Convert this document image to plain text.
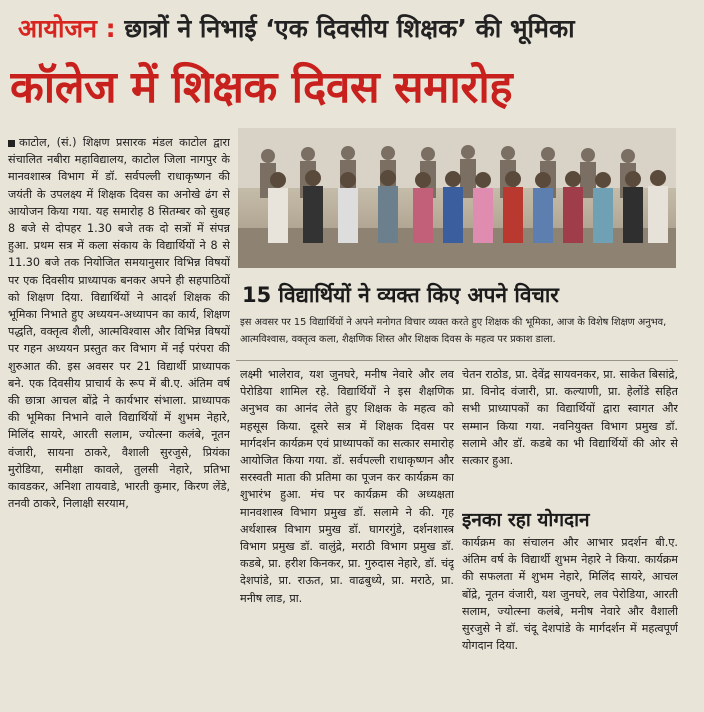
आयोजन : छात्रों ने निभाई ‘एक दिवसीय शिक्षक’ की भूमिका
कॉलेज में शिक्षक दिवस समारोह
काटोल, (सं.) शिक्षण प्रसारक मंडल काटोल द्वारा संचालित नबीरा महाविद्यालय, काटोल जिला नागपुर के मानवशास्त्र विभाग में डॉ. सर्वपल्ली राधाकृष्णन की जयंती के उपलक्ष्य में शिक्षक दिवस का अनोखे ढंग से आयोजन किया गया. यह समारोह 8 सितम्बर को सुबह 8 बजे से दोपहर 1.30 बजे तक दो सत्रों में संपन्न हुआ. प्रथम सत्र में कला संकाय के विद्यार्थियों ने 8 से 11.30 बजे तक नियोजित समयानुसार विभिन्न विषयों पर एक दिवसीय प्राध्यापक बनकर अपने ही सहपाठियों को शिक्षण दिया. विद्यार्थियों ने आदर्श शिक्षक की भूमिका निभाते हुए अध्ययन-अध्यापन का कार्य, शिक्षण पद्धति, वक्तृत्व शैली, आत्मविश्वास और विभिन्न विषयों पर गहन अध्ययन प्रस्तुत कर विभाग में नई परंपरा की शुरुआत की. इस अवसर पर 21 विद्यार्थी प्राध्यापक बने. एक दिवसीय प्राचार्य के रूप में बी.ए. अंतिम वर्ष की छात्रा आचल बोंद्रे ने कार्यभार संभाला. प्राध्यापक की भूमिका निभाने वाले विद्यार्थियों में शुभम नेहारे, मिलिंद सायरे, आरती सलाम, ज्योत्स्ना कलंबे, नूतन वंजारी, सायना ठाकरे, वैशाली सुरजुसे, प्रियंका मुरोडिया, समीक्षा कावले, तुलसी नेहारे, प्रतिभा कावडकर, अनिशा तायवाडे, भारती कुमार, किरण लेंडे, तनवी ठाकरे, निलाक्षी सरयाम,
15 विद्यार्थियों ने व्यक्त किए अपने विचार
इस अवसर पर 15 विद्यार्थियों ने अपने मनोगत विचार व्यक्त करते हुए शिक्षक की भूमिका, आज के विशेष शिक्षण अनुभव, आत्मविश्वास, वक्तृत्व कला, शैक्षणिक शिस्त और शिक्षक दिवस के महत्व पर प्रकाश डाला.
लक्ष्मी भालेराव, यश जुनघरे, मनीष नेवारे और लव पेरोडिया शामिल रहे. विद्यार्थियों ने इस शैक्षणिक अनुभव का आनंद लेते हुए शिक्षक के महत्व को महसूस किया. दूसरे सत्र में शिक्षक दिवस पर मार्गदर्शन कार्यक्रम एवं प्राध्यापकों का सत्कार समारोह आयोजित किया गया. डॉ. सर्वपल्ली राधाकृष्णन और सरस्वती माता की प्रतिमा का पूजन कर कार्यक्रम का शुभारंभ हुआ. मंच पर कार्यक्रम की अध्यक्षता मानवशास्त्र विभाग प्रमुख डॉ. सलामे ने की. गृह अर्थशास्त्र विभाग प्रमुख डॉ. घागरगुंडे, दर्शनशास्त्र विभाग प्रमुख डॉ. वालुंद्रे, मराठी विभाग प्रमुख डॉ. कडबे, प्रा. हरीश किनकर, प्रा. गुरुदास नेहारे, डॉ. चंदू देशपांडे, प्रा. राऊत, प्रा. वाढबुध्ये, प्रा. मराठे, प्रा. मनीष लाड, प्रा.
चेतन राठोड, प्रा. देवेंद्र सायवनकर, प्रा. साकेत बिसांद्रे, प्रा. विनोद वंजारी, प्रा. कल्याणी, प्रा. हेलोंडे सहित सभी प्राध्यापकों का विद्यार्थियों द्वारा स्वागत और सम्मान किया गया. नवनियुक्त विभाग प्रमुख डॉ. सलामे और डॉ. कडबे का भी विद्यार्थियों की ओर से सत्कार हुआ.
इनका रहा योगदान
कार्यक्रम का संचालन और आभार प्रदर्शन बी.ए. अंतिम वर्ष के विद्यार्थी शुभम नेहारे ने किया. कार्यक्रम की सफलता में शुभम नेहारे, मिलिंद सायरे, आचल बोंद्रे, नूतन वंजारी, यश जुनघरे, लव पेरोडिया, आरती सलाम, ज्योत्स्ना कलंबे, मनीष नेवारे और वैशाली सुरजुसे ने डॉ. चंदू देशपांडे के मार्गदर्शन में महत्वपूर्ण योगदान दिया.
